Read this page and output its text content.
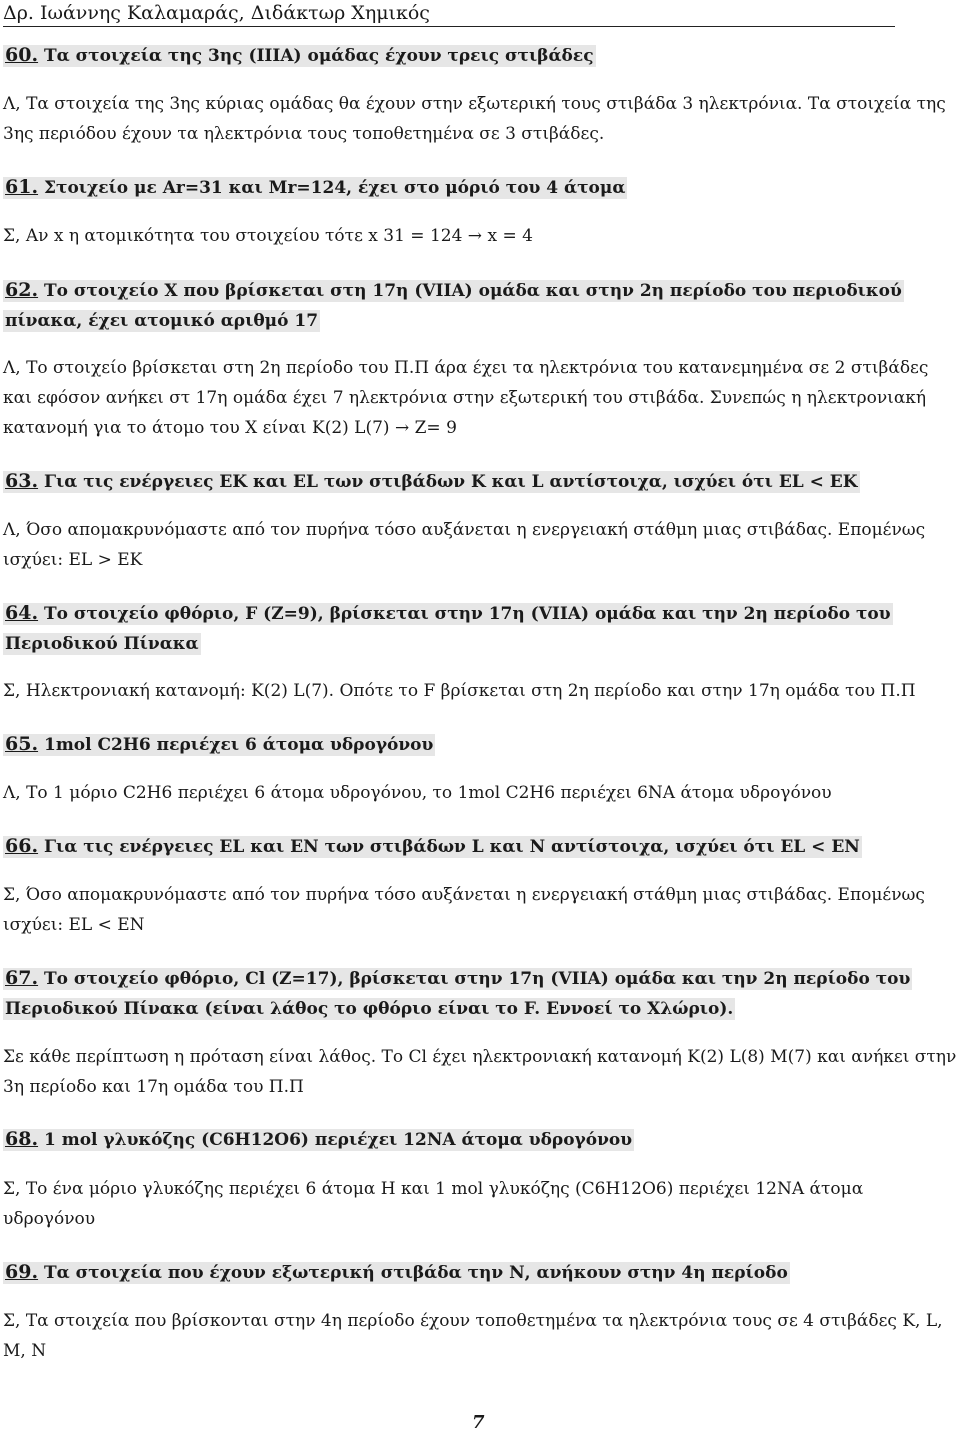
Δρ. Ιωάννης Καλαμαράς, Διδάκτωρ Χημικός
60. Τα στοιχεία της 3ης (ΙΙΙΑ) ομάδας έχουν τρεις στιβάδες
Λ, Τα στοιχεία της 3ης κύριας ομάδας θα έχουν στην εξωτερική τους στιβάδα 3 ηλεκτρόνια. Τα στοιχεία της 3ης περιόδου έχουν τα ηλεκτρόνια τους τοποθετημένα σε 3 στιβάδες.
61. Στοιχείο με Ar=31 και Mr=124, έχει στο μόριό του 4 άτομα
Σ, Αν x η ατομικότητα του στοιχείου τότε x 31 = 124 → x = 4
62. Το στοιχείο Χ που βρίσκεται στη 17η (VIIA) ομάδα και στην 2η περίοδο του περιοδικού πίνακα, έχει ατομικό αριθμό 17
Λ, Το στοιχείο βρίσκεται στη 2η περίοδο του Π.Π άρα έχει τα ηλεκτρόνια του κατανεμημένα σε 2 στιβάδες και εφόσον ανήκει στ 17η ομάδα έχει 7 ηλεκτρόνια στην εξωτερική του στιβάδα. Συνεπώς η ηλεκτρονιακή κατανομή για το άτομο του Χ είναι K(2) L(7) → Z= 9
63. Για τις ενέργειες EK και EL των στιβάδων K και L αντίστοιχα, ισχύει ότι EL < EK
Λ, Όσο απομακρυνόμαστε από τον πυρήνα τόσο αυξάνεται η ενεργειακή στάθμη μιας στιβάδας. Επομένως ισχύει: EL > EK
64. Το στοιχείο φθόριο, F (Z=9), βρίσκεται στην 17η (VIIA) ομάδα και την 2η περίοδο του Περιοδικού Πίνακα
Σ, Ηλεκτρονιακή κατανομή: K(2) L(7). Οπότε το F βρίσκεται στη 2η περίοδο και στην 17η ομάδα του Π.Π
65. 1mol C2H6 περιέχει 6 άτομα υδρογόνου
Λ, Το 1 μόριο C2H6 περιέχει 6 άτομα υδρογόνου, το 1mol C2H6 περιέχει 6NA άτομα υδρογόνου
66. Για τις ενέργειες EL και EN των στιβάδων L και N αντίστοιχα, ισχύει ότι EL < EN
Σ, Όσο απομακρυνόμαστε από τον πυρήνα τόσο αυξάνεται η ενεργειακή στάθμη μιας στιβάδας. Επομένως ισχύει: EL < EN
67. Το στοιχείο φθόριο, Cl (Z=17), βρίσκεται στην 17η (VIIA) ομάδα και την 2η περίοδο του Περιοδικού Πίνακα (είναι λάθος το φθόριο είναι το F. Εννοεί το Χλώριο).
Σε κάθε περίπτωση η πρόταση είναι λάθος. Το Cl έχει ηλεκτρονιακή κατανομή K(2) L(8) M(7) και ανήκει στην 3η περίοδο και 17η ομάδα του Π.Π
68. 1 mol γλυκόζης (C6H12O6) περιέχει 12NA άτομα υδρογόνου
Σ, Το ένα μόριο γλυκόζης περιέχει 6 άτομα Η και 1 mol γλυκόζης (C6H12O6) περιέχει 12NA άτομα υδρογόνου
69. Τα στοιχεία που έχουν εξωτερική στιβάδα την Ν, ανήκουν στην 4η περίοδο
Σ, Τα στοιχεία που βρίσκονται στην 4η περίοδο έχουν τοποθετημένα τα ηλεκτρόνια τους σε 4 στιβάδες Κ, L, M, N
7
